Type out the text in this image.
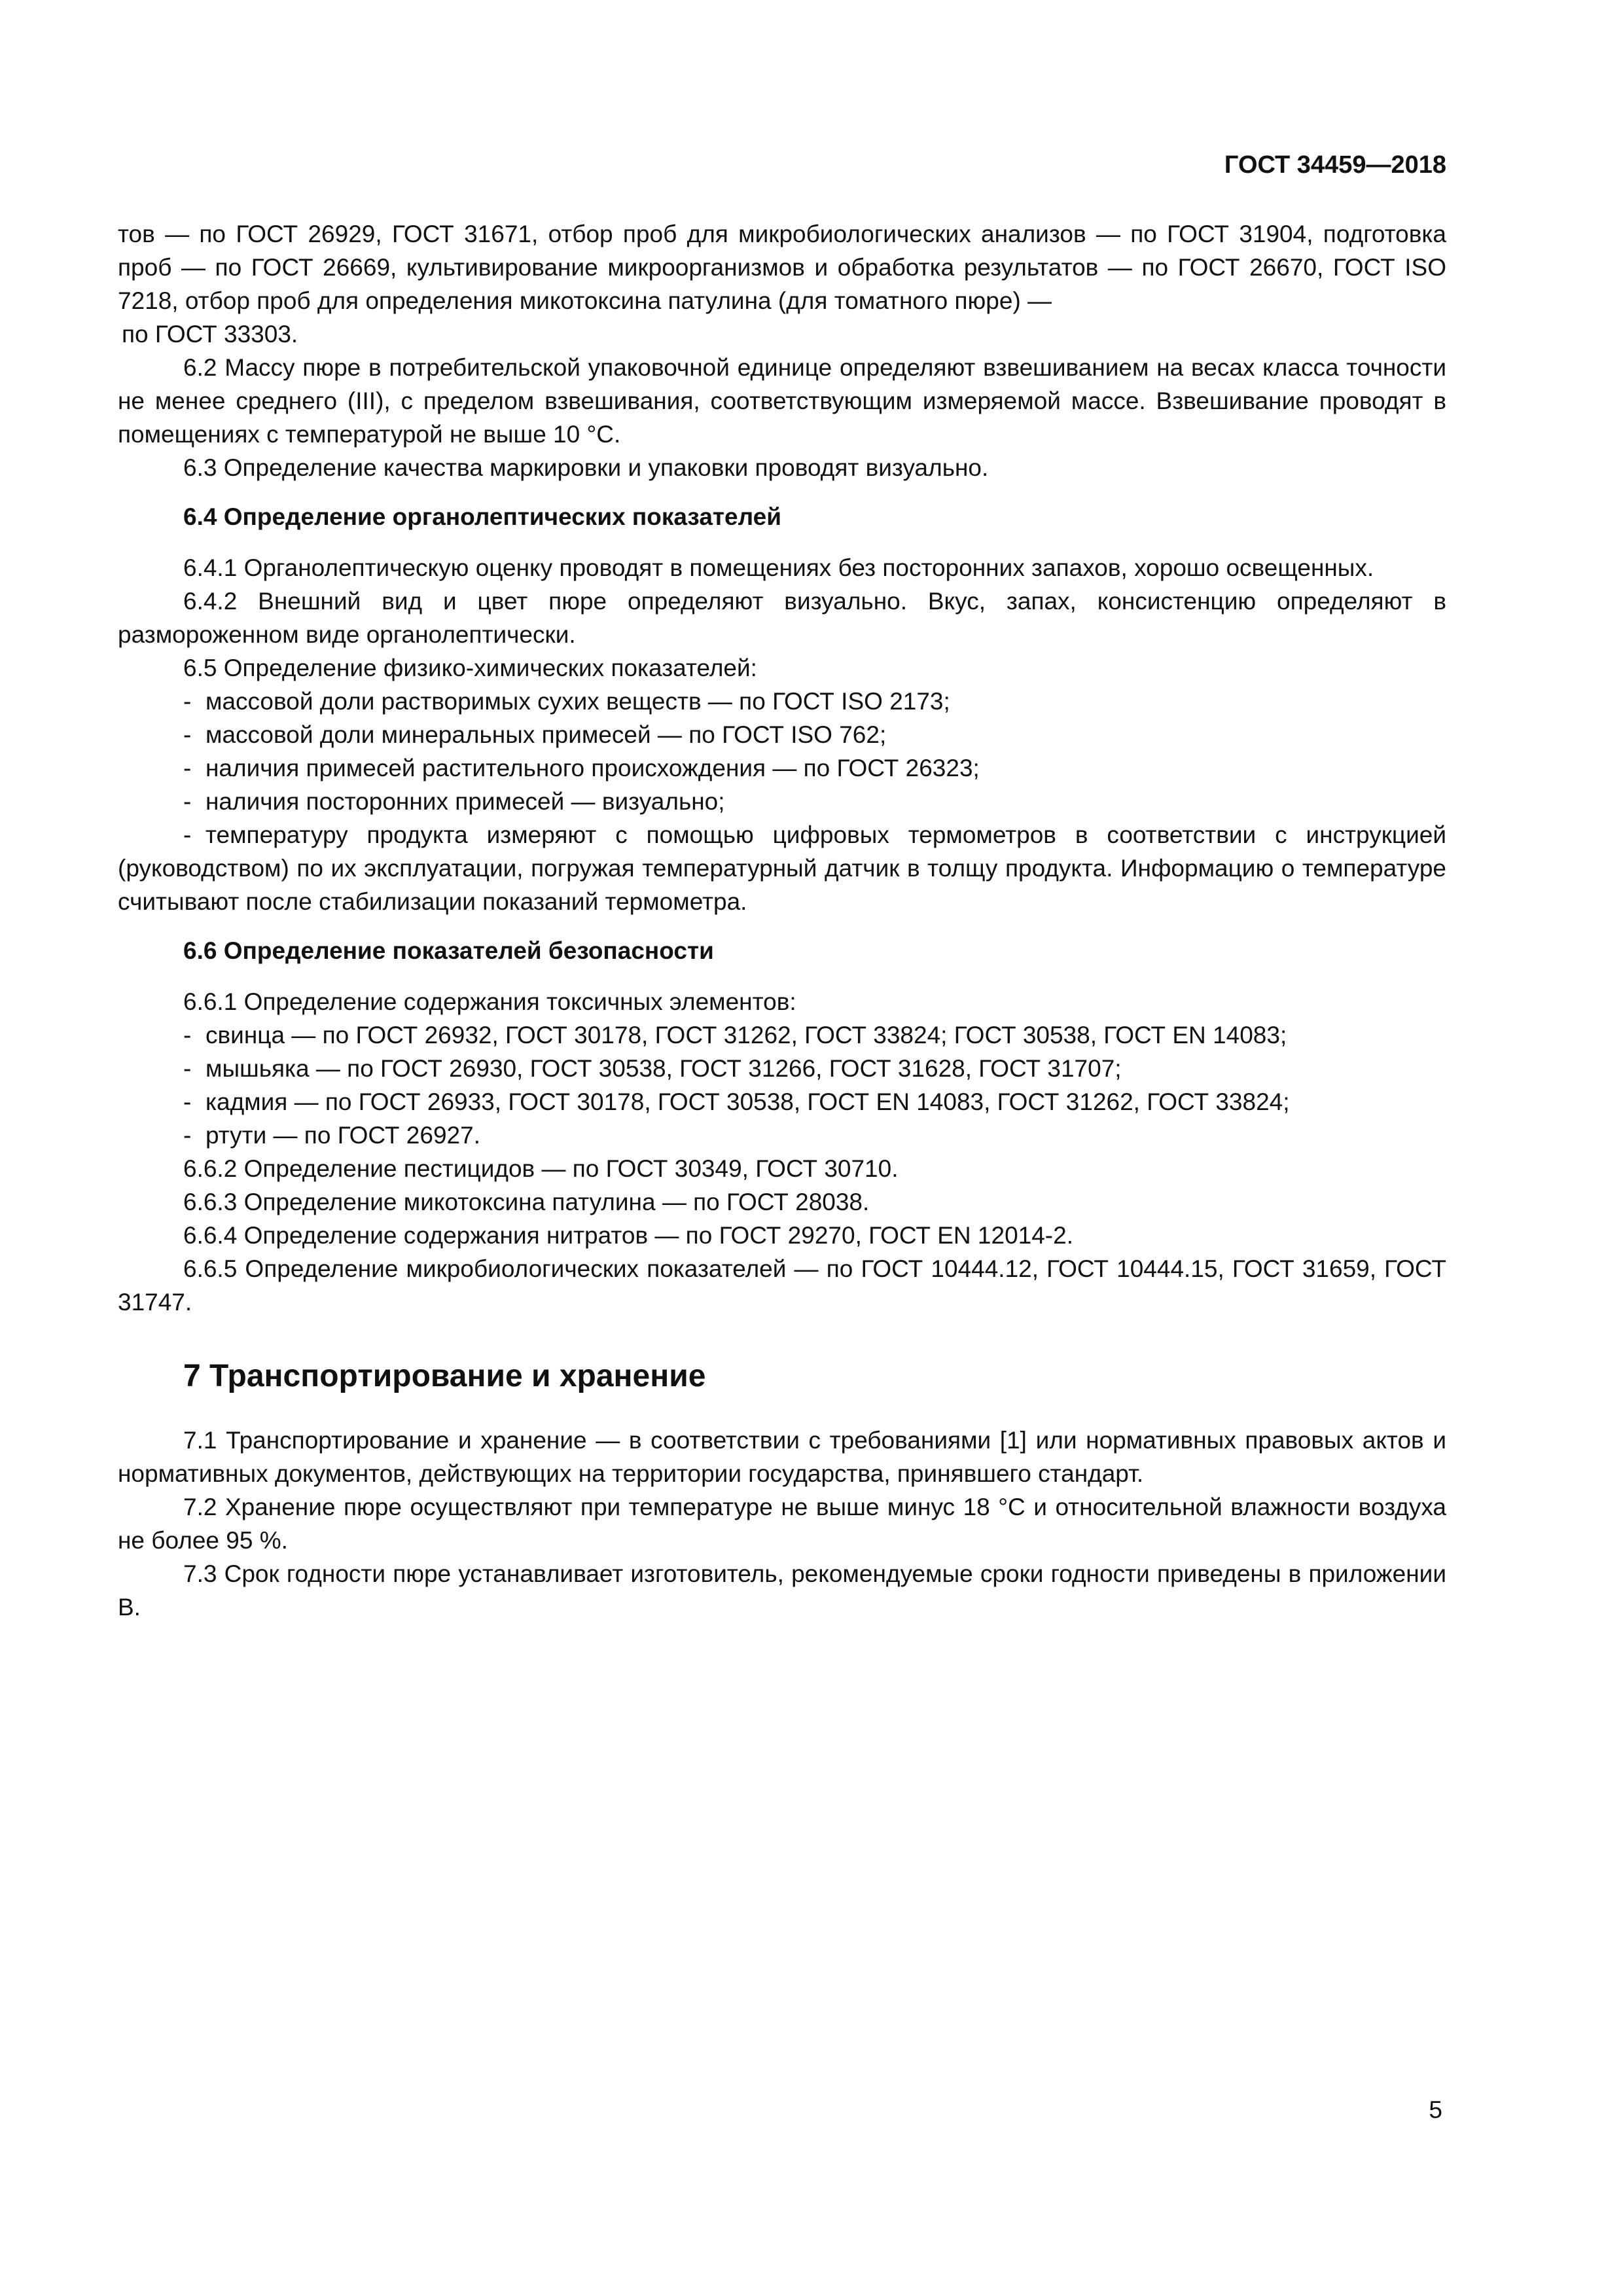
ГОСТ 34459—2018

тов — по ГОСТ 26929, ГОСТ 31671, отбор проб для микробиологических анализов — по ГОСТ 31904, подготовка проб — по ГОСТ 26669, культивирование микроорганизмов и обработка результатов — по ГОСТ 26670, ГОСТ ISO 7218, отбор проб для определения микотоксина патулина (для томатного пюре) —

по ГОСТ 33303.

6.2 Массу пюре в потребительской упаковочной единице определяют взвешиванием на весах класса точности не менее среднего (III), с пределом взвешивания, соответствующим измеряемой массе. Взвешивание проводят в помещениях с температурой не выше 10 °С.

6.3 Определение качества маркировки и упаковки проводят визуально.

6.4 Определение органолептических показателей

6.4.1 Органолептическую оценку проводят в помещениях без посторонних запахов, хорошо освещенных.

6.4.2 Внешний вид и цвет пюре определяют визуально. Вкус, запах, консистенцию определяют в размороженном виде органолептически.

6.5 Определение физико-химических показателей:

- массовой доли растворимых сухих веществ — по ГОСТ ISO 2173;

- массовой доли минеральных примесей — по ГОСТ ISO 762;

- наличия примесей растительного происхождения — по ГОСТ 26323;

- наличия посторонних примесей — визуально;

- температуру продукта измеряют с помощью цифровых термометров в соответствии с инструкцией (руководством) по их эксплуатации, погружая температурный датчик в толщу продукта. Информацию о температуре считывают после стабилизации показаний термометра.

6.6 Определение показателей безопасности

6.6.1 Определение содержания токсичных элементов:

- свинца — по ГОСТ 26932, ГОСТ 30178, ГОСТ 31262, ГОСТ 33824; ГОСТ 30538, ГОСТ EN 14083;

- мышьяка — по ГОСТ 26930, ГОСТ 30538, ГОСТ 31266, ГОСТ 31628, ГОСТ 31707;

- кадмия — по ГОСТ 26933, ГОСТ 30178, ГОСТ 30538, ГОСТ EN 14083, ГОСТ 31262, ГОСТ 33824;

- ртути — по ГОСТ 26927.

6.6.2 Определение пестицидов — по ГОСТ 30349, ГОСТ 30710.

6.6.3 Определение микотоксина патулина — по ГОСТ 28038.

6.6.4 Определение содержания нитратов — по ГОСТ 29270, ГОСТ EN 12014-2.

6.6.5 Определение микробиологических показателей — по ГОСТ 10444.12, ГОСТ 10444.15, ГОСТ 31659, ГОСТ 31747.

7 Транспортирование и хранение

7.1 Транспортирование и хранение — в соответствии с требованиями [1] или нормативных правовых актов и нормативных документов, действующих на территории государства, принявшего стандарт.

7.2 Хранение пюре осуществляют при температуре не выше минус 18 °С и относительной влажности воздуха не более 95 %.

7.3 Срок годности пюре устанавливает изготовитель, рекомендуемые сроки годности приведены в приложении В.

5
